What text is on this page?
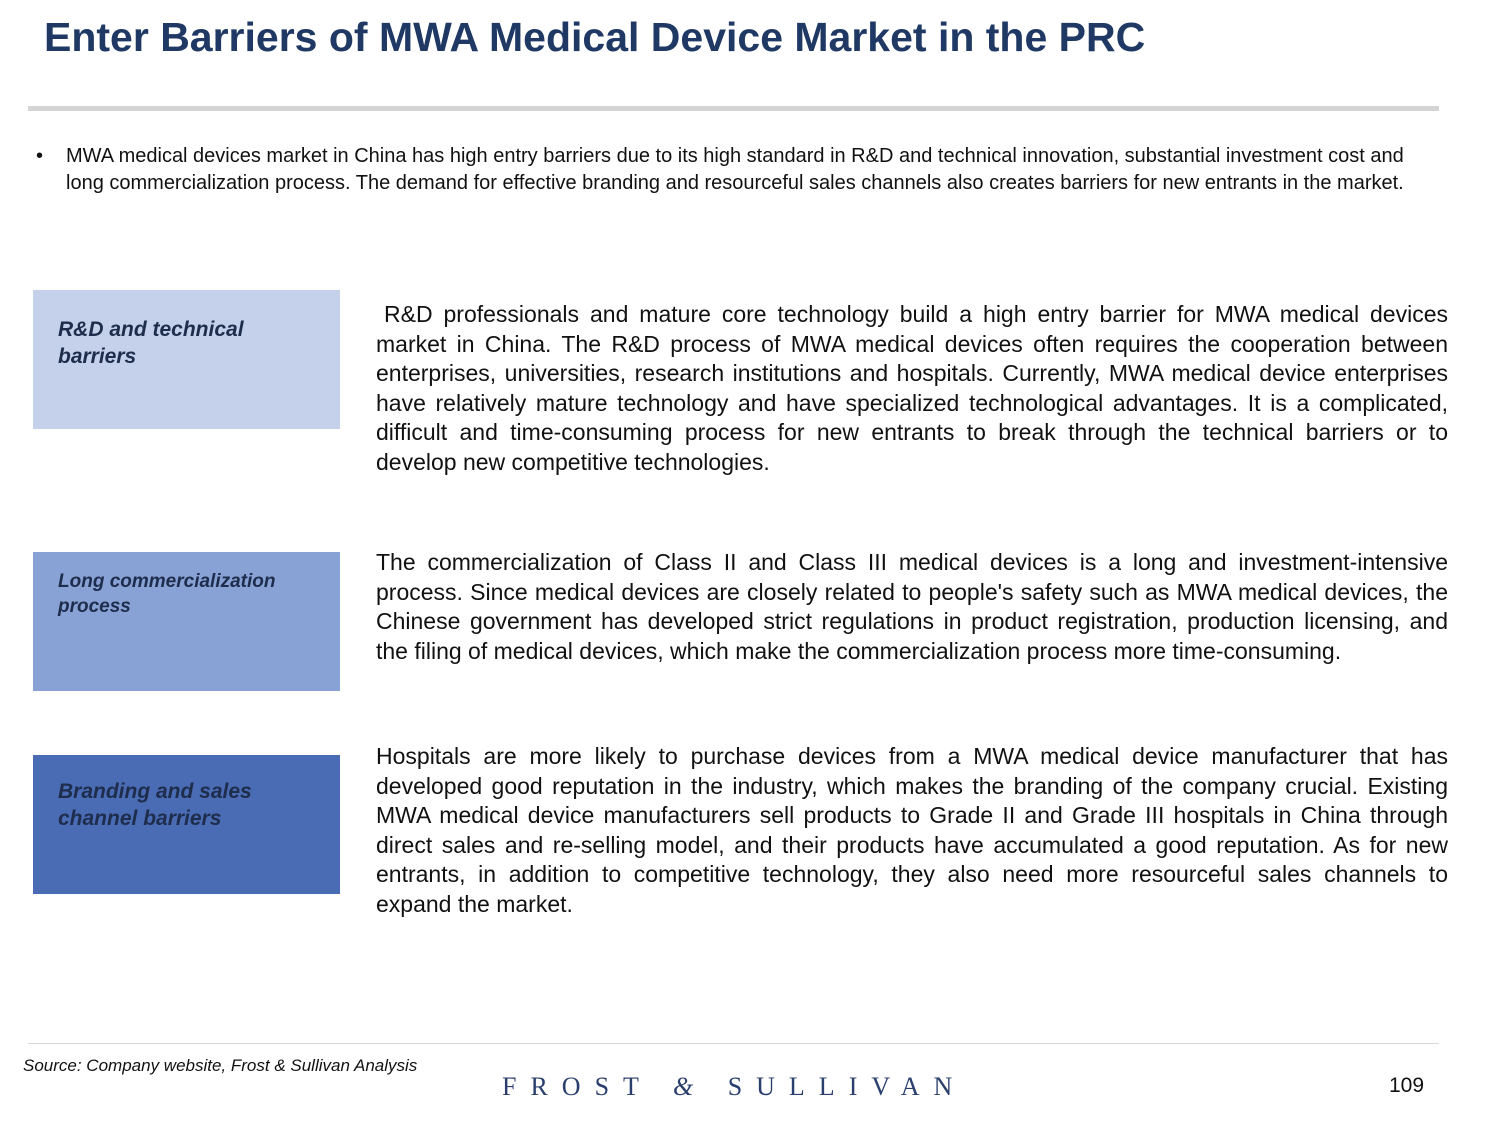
Enter Barriers of MWA Medical Device Market in the PRC
• MWA medical devices market in China has high entry barriers due to its high standard in R&D and technical innovation, substantial investment cost and long commercialization process. The demand for effective branding and resourceful sales channels also creates barriers for new entrants in the market.
R&D and technical barriers
R&D professionals and mature core technology build a high entry barrier for MWA medical devices market in China. The R&D process of MWA medical devices often requires the cooperation between enterprises, universities, research institutions and hospitals. Currently, MWA medical device enterprises have relatively mature technology and have specialized technological advantages. It is a complicated, difficult and time-consuming process for new entrants to break through the technical barriers or to develop new competitive technologies.
Long commercialization process
The commercialization of Class II and Class III medical devices is a long and investment-intensive process. Since medical devices are closely related to people's safety such as MWA medical devices, the Chinese government has developed strict regulations in product registration, production licensing, and the filing of medical devices, which make the commercialization process more time-consuming.
Branding and sales channel barriers
Hospitals are more likely to purchase devices from a MWA medical device manufacturer that has developed good reputation in the industry, which makes the branding of the company crucial. Existing MWA medical device manufacturers sell products to Grade II and Grade III hospitals in China through direct sales and re-selling model, and their products have accumulated a good reputation. As for new entrants, in addition to competitive technology, they also need more resourceful sales channels to expand the market.
Source: Company website, Frost & Sullivan Analysis
FROST & SULLIVAN	109
